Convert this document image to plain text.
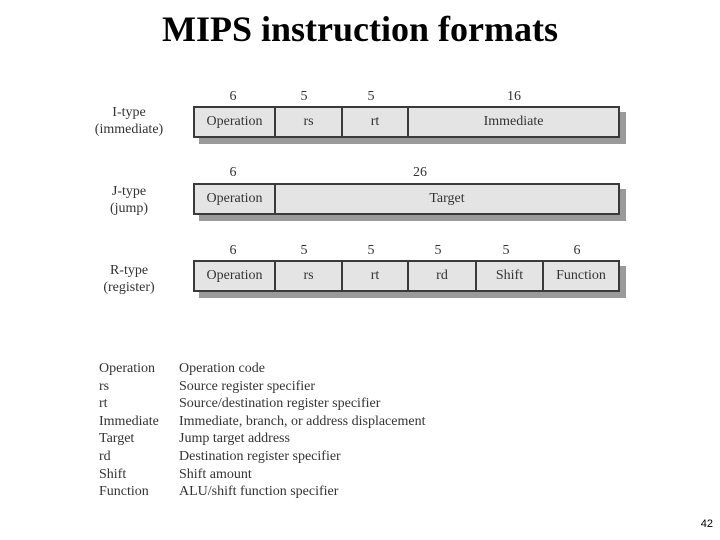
MIPS instruction formats
I-type
(immediate)
6	5	5	16
Operation	rs	rt	Immediate
J-type
(jump)
6	26
Operation	Target
R-type
(register)
6	5	5	5	5	6
Operation	rs	rt	rd	Shift	Function
Operation	Operation code
rs	Source register specifier
rt	Source/destination register specifier
Immediate	Immediate, branch, or address displacement
Target	Jump target address
rd	Destination register specifier
Shift	Shift amount
Function	ALU/shift function specifier
42
